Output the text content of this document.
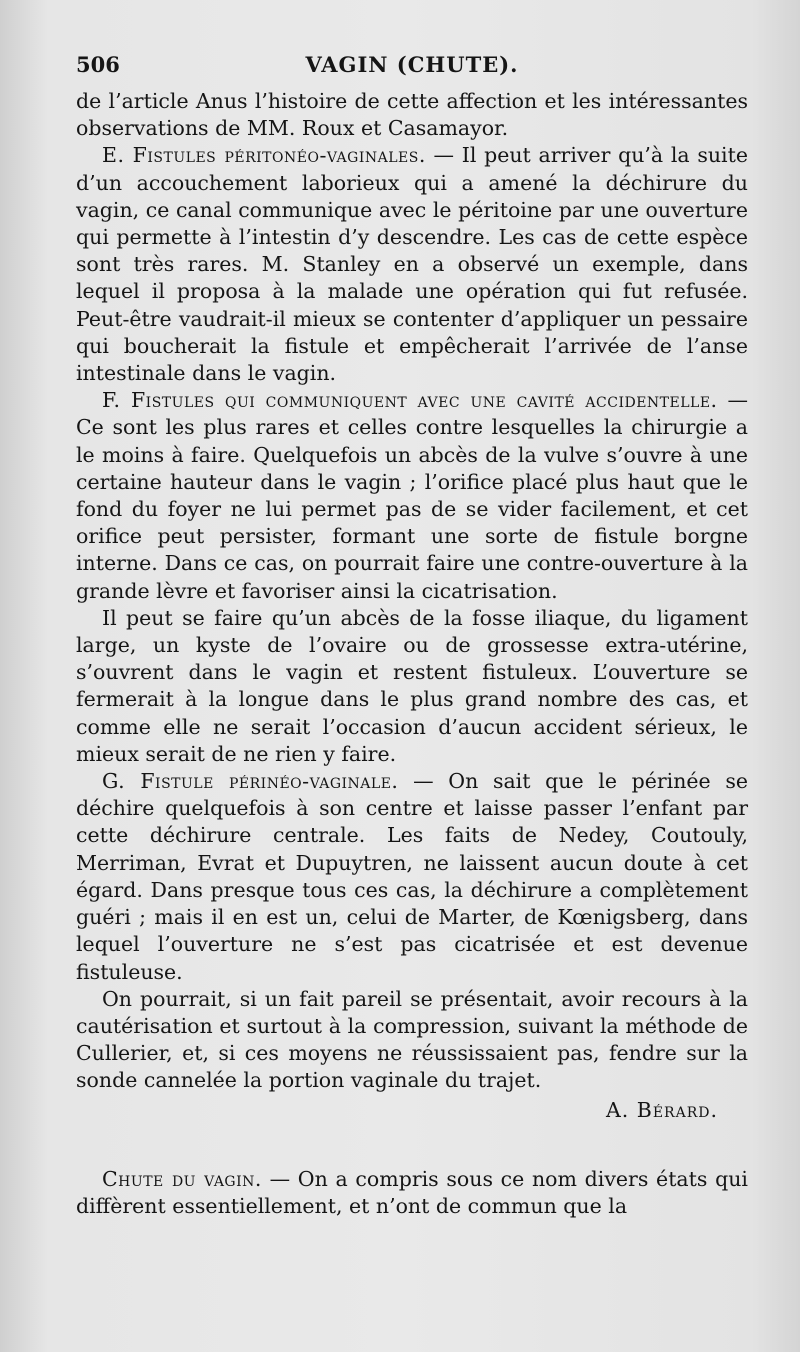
506	VAGIN (CHUTE).

de l’article Anus l’histoire de cette affection et les intéressantes observations de MM. Roux et Casamayor.

E. Fistules péritonéo-vaginales. — Il peut arriver qu’à la suite d’un accouchement laborieux qui a amené la déchirure du vagin, ce canal communique avec le péritoine par une ouverture qui permette à l’intestin d’y descendre. Les cas de cette espèce sont très rares. M. Stanley en a observé un exemple, dans lequel il proposa à la malade une opération qui fut refusée. Peut-être vaudrait-il mieux se contenter d’appliquer un pessaire qui boucherait la fistule et empêcherait l’arrivée de l’anse intestinale dans le vagin.

F. Fistules qui communiquent avec une cavité accidentelle. — Ce sont les plus rares et celles contre lesquelles la chirurgie a le moins à faire. Quelquefois un abcès de la vulve s’ouvre à une certaine hauteur dans le vagin ; l’orifice placé plus haut que le fond du foyer ne lui permet pas de se vider facilement, et cet orifice peut persister, formant une sorte de fistule borgne interne. Dans ce cas, on pourrait faire une contre-ouverture à la grande lèvre et favoriser ainsi la cicatrisation.

Il peut se faire qu’un abcès de la fosse iliaque, du ligament large, un kyste de l’ovaire ou de grossesse extra-utérine, s’ouvrent dans le vagin et restent fistuleux. L’ouverture se fermerait à la longue dans le plus grand nombre des cas, et comme elle ne serait l’occasion d’aucun accident sérieux, le mieux serait de ne rien y faire.

G. Fistule périnéo-vaginale. — On sait que le périnée se déchire quelquefois à son centre et laisse passer l’enfant par cette déchirure centrale. Les faits de Nedey, Coutouly, Merriman, Evrat et Dupuytren, ne laissent aucun doute à cet égard. Dans presque tous ces cas, la déchirure a complètement guéri ; mais il en est un, celui de Marter, de Kœnigsberg, dans lequel l’ouverture ne s’est pas cicatrisée et est devenue fistuleuse.

On pourrait, si un fait pareil se présentait, avoir recours à la cautérisation et surtout à la compression, suivant la méthode de Cullerier, et, si ces moyens ne réussissaient pas, fendre sur la sonde cannelée la portion vaginale du trajet.

A. Bérard.

Chute du vagin. — On a compris sous ce nom divers états qui diffèrent essentiellement, et n’ont de commun que la
